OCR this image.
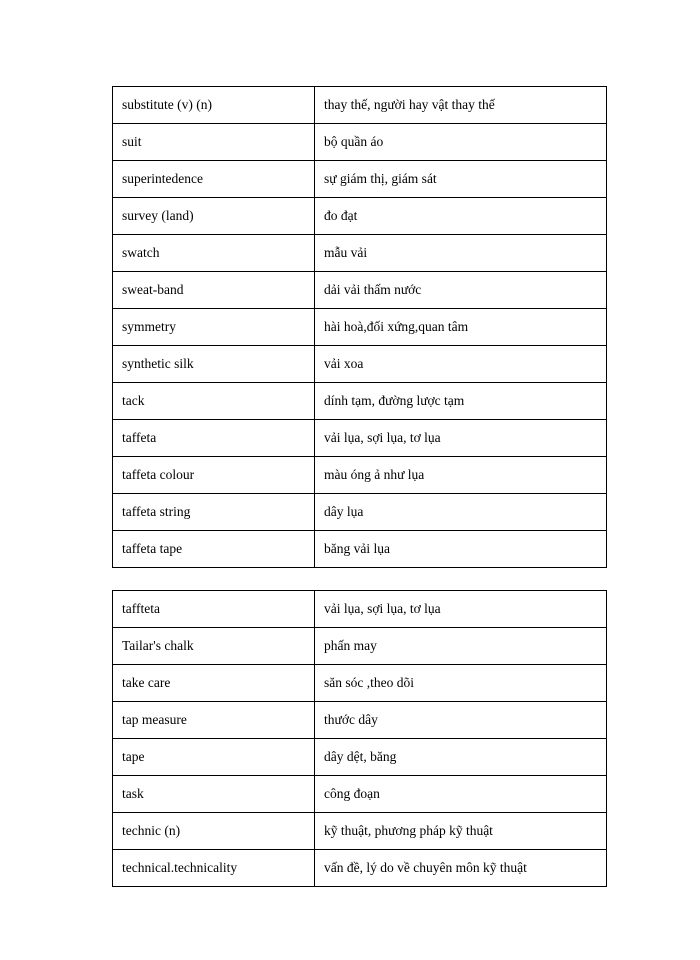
substitute (v) (n)	thay thế, người hay vật thay thế
suit	bộ quần áo
superintedence	sự giám thị, giám sát
survey (land)	đo đạt
swatch	mẫu vải
sweat-band	dải vải thấm nước
symmetry	hài hoà,đối xứng,quan tâm
synthetic silk	vải xoa
tack	dính tạm, đường lược tạm
taffeta	vải lụa, sợi lụa, tơ lụa
taffeta colour	màu óng ả như lụa
taffeta string	dây lụa
taffeta tape	băng vải lụa
taffteta	vải lụa, sợi lụa, tơ lụa
Tailar's chalk	phấn may
take care	săn sóc ,theo dõi
tap measure	thước dây
tape	dây dệt, băng
task	công đoạn
technic (n)	kỹ thuật, phương pháp kỹ thuật
technical.technicality	vấn đề, lý do về chuyên môn kỹ thuật
